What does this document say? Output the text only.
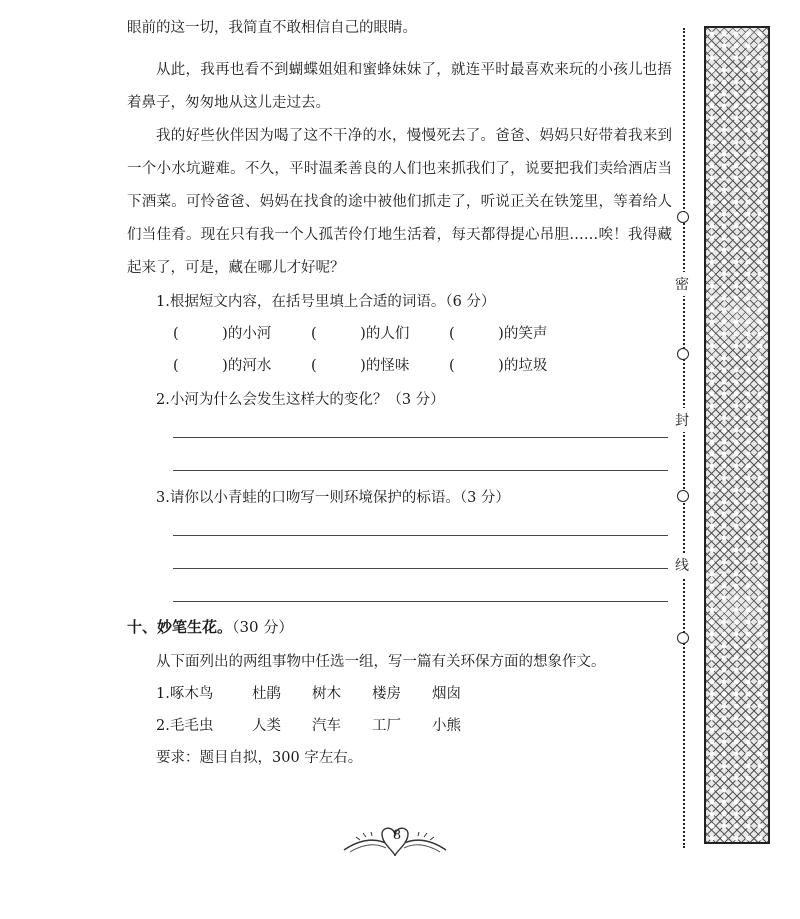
眼前的这一切，我简直不敢相信自己的眼睛。

从此，我再也看不到蝴蝶姐姐和蜜蜂妹妹了，就连平时最喜欢来玩的小孩儿也捂着鼻子，匆匆地从这儿走过去。

我的好些伙伴因为喝了这不干净的水，慢慢死去了。爸爸、妈妈只好带着我来到一个小水坑避难。不久，平时温柔善良的人们也来抓我们了，说要把我们卖给酒店当下酒菜。可怜爸爸、妈妈在找食的途中被他们抓走了，听说正关在铁笼里，等着给人们当佳肴。现在只有我一个人孤苦伶仃地生活着，每天都得提心吊胆……唉！我得藏起来了，可是，藏在哪儿才好呢？

1.根据短文内容，在括号里填上合适的词语。（6 分）
(　　　)的小河	(　　　)的人们	(　　　)的笑声
(　　　)的河水	(　　　)的怪味	(　　　)的垃圾
2.小河为什么会发生这样大的变化？（3 分）
3.请你以小青蛙的口吻写一则环境保护的标语。（3 分）
十、妙笔生花。（30 分）
从下面列出的两组事物中任选一组，写一篇有关环保方面的想象作文。
1.啄木鸟	杜鹃 树木 楼房 烟囱
2.毛毛虫	人类 汽车 工厂 小熊
要求：题目自拟，300 字左右。
密
封
线
8
